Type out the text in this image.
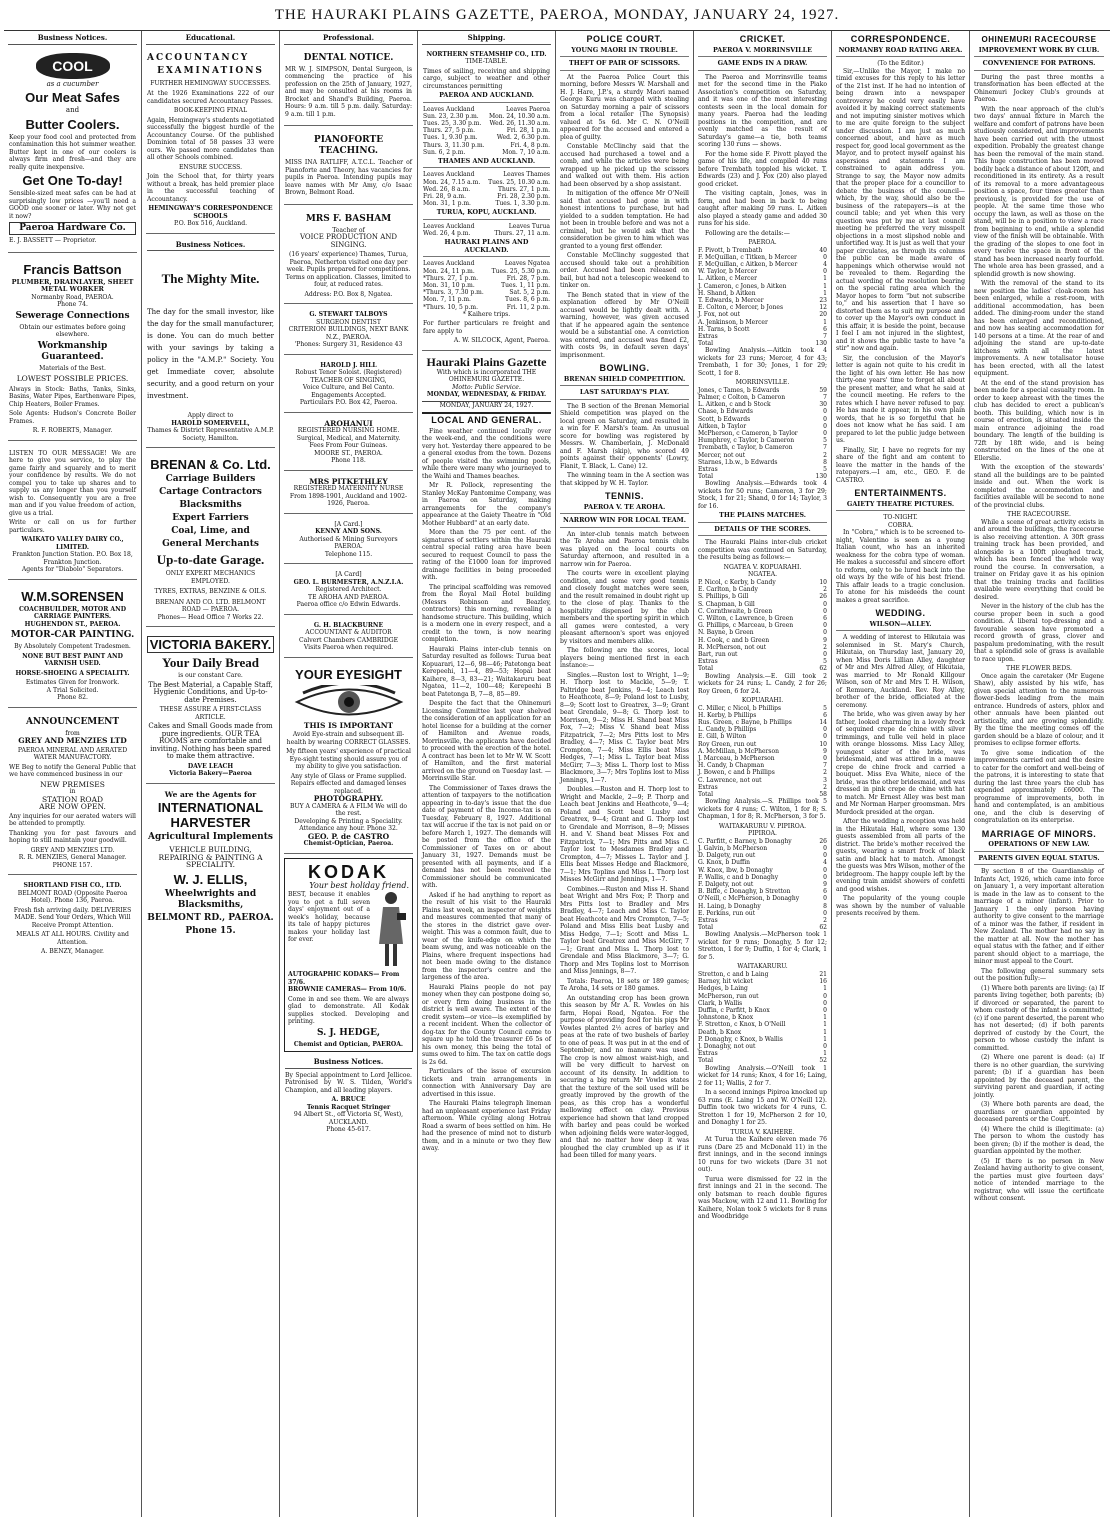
THE HAURAKI PLAINS GAZETTE, PAEROA, MONDAY, JANUARY 24, 1927.
Business Notices.
COOL
as a cucumber
Our Meat Safes
and
Butter Coolers.
Keep your food cool and protected from contamination this hot summer weather. Butter kept in one of our coolers is always firm and fresh—and they are really quite inexpensive.
Get One To-day!
Sensible-sized meat safes can be had at surprisingly low prices —you'll need a GOOD one sooner or later. Why not get it now?
Paeroa Hardware Co.
E. J. BASSETT — Proprietor.
Francis Battson
PLUMBER, DRAINLAYER, SHEET METAL WORKER
Normanby Road, PAEROA.
Phone 74.
Sewerage Connections
Obtain our estimates before going elsewhere.
Workmanship Guaranteed.
Materials of the Best.
LOWEST POSSIBLE PRICES.
Always in Stock: Baths, Tanks, Sinks, Basins, Water Pipes, Earthenware Pipes, Chip Heaters, Boiler Frames.
Sole Agents: Hudson's Concrete Boiler Frames.
R. F. ROBERTS, Manager.
LISTEN TO OUR MESSAGE! We are here to give you service, to play the game fairly and squarely and to merit your confidence by results. We do not compel you to take up shares and to supply us any longer than you yourself wish to. Consequently you are a free man and if you value freedom of action, give us a trial.
Write or call on us for further particulars.
WAIKATO VALLEY DAIRY CO., LIMITED.
Frankton Junction Station. P.O. Box 18, Frankton Junction.
Agents for "Diabolo" Separators.
W.M.SORENSEN
COACHBUILDER, MOTOR AND CARRIAGE PAINTERS. HUGHENDON ST., PAEROA.
MOTOR-CAR PAINTING.
By Absolutely Competent Tradesmen.
NONE BUT BEST PAINT AND VARNISH USED.
HORSE-SHOEING A SPECIALITY.
Estimates Given for Ironwork.
A Trial Solicited.
Phone 82.
ANNOUNCEMENT
from
GREY AND MENZIES LTD
PAEROA MINERAL AND AERATED WATER MANUFACTORY.
WE Beg to notify the General Public that we have commenced business in our
NEW PREMISES
in
STATION ROAD
ARE NOW OPEN.
Any inquiries for our aerated waters will be attended to promptly.
Thanking you for past favours and hoping to still maintain your goodwill.
GREY AND MENZIES LTD.
R. R. MENZIES, General Manager.
PHONE 157.
SHORTLAND FISH CO., LTD.
BELMONT ROAD (Opposite Paeroa Hotel). Phone 136, Paeroa.
Fresh fish arriving daily. DELIVERIES MADE. Send Your Orders, Which Will Receive Prompt Attention.
MEALS AT ALL HOURS. Civility and Attention.
A. BENZY, Manager.
Educational.
ACCOUNTANCY
EXAMINATIONS
FURTHER HEMINGWAY SUCCESSES.
At the 1926 Examinations 222 of our candidates secured Accountancy Passes.
BOOK-KEEPING FINAL
Again, Hemingway's students negotiated successfully the biggest hurdle of the Accountancy Course. Of the published Dominion total of 58 passes 33 were ours. We passed more candidates than all other Schools combined.
ENSURE SUCCESS.
Join the School that, for thirty years without a break, has held premier place in the successful teaching of Accountancy.
HEMINGWAY'S CORRESPONDENCE SCHOOLS
P.O. Box 516, Auckland.
Business Notices.
The Mighty Mite.
The day for the small investor, like the day for the small manufacturer, is done. You can do much better with your savings by taking a policy in the "A.M.P." Society. You get Immediate cover, absolute security, and a good return on your investment.
Apply direct to
HAROLD SOMERVELL,
Thames & District Representative A.M.P. Society, Hamilton.
BRENAN & Co. Ltd.
Carriage Builders
Cartage Contractors
Blacksmiths
Expert Farriers
Coal, Lime, and
General Merchants
Up-to-date Garage.
ONLY EXPERT MECHANICS EMPLOYED.
TYRES, EXTRAS, BENZINE & OILS.
BRENAN AND CO. LTD. BELMONT ROAD — PAEROA.
Phones— Head Office 7 Works 22.
VICTORIA BAKERY.
Your Daily Bread
is our constant Care.
The Best Material, a Capable Staff, Hygienic Conditions, and Up-to-date Premises.
THESE ASSURE A FIRST-CLASS ARTICLE.
Cakes and Small Goods made from pure ingredients. OUR TEA ROOMS are comfortable and inviting. Nothing has been spared to make them attractive.
DAVE LEACH
Victoria Bakery—Paeroa
We are the Agents for
INTERNATIONAL HARVESTER
Agricultural Implements
VEHICLE BUILDING, REPAIRING & PAINTING A SPECIALITY.
W. J. ELLIS,
Wheelwrights and Blacksmiths,
BELMONT RD., PAEROA.
Phone 15.
Professional.
DENTAL NOTICE.
MR W. J. SIMPSON, Dental Surgeon, is commencing the practice of his profession on the 25th of January, 1927, and may be consulted at his rooms in Brocket and Shand's Building, Paeroa. Hours: 9 a.m. till 5 p.m. daily. Saturday: 9 a.m. till 1 p.m.
PIANOFORTE TEACHING.
MISS INA RATLIFF, A.T.C.L. Teacher of Pianoforte and Theory, has vacancies for pupils in Paeroa. Intending pupils may leave names with Mr Amy, c/o Isaac Brown, Belmont Road.
MRS F. BASHAM
Teacher of
VOICE PRODUCTION AND SINGING.
(16 years' experience) Thames, Turua, Paeroa, Netherton visited one day per week. Pupils prepared for competitions. Terms on application. Classes, limited to four, at reduced rates.
Address: P.O. Box 8, Ngatea.
G. STEWART TALBOYS
SURGEON DENTIST
CRITERION BUILDINGS, NEXT BANK N.Z., PAEROA.
'Phones: Surgery 31, Residence 43
HAROLD J. HILL
Robust Tenor Soloist. (Registered)
TEACHER OF SINGING,
Voice Culture, and Bel Canto. Engagements Accepted.
Particulars P.O. Box 42, Paeroa.
AROHANUI
REGISTERED NURSING HOME.
Surgical, Medical, and Maternity.
Fees From Four Guineas.
MOORE ST., PAEROA.
Phone 118.
MRS PITKETHLEY
REGISTERED MATERNITY NURSE
From 1898-1901, Auckland and 1902-1926, Paeroa.
[A Card.]
KENNY AND SONS.
Authorised & Mining Surveyors PAEROA.
Telephone 115.
[A Card]
GEO. L. BURMESTER, A.N.Z.I.A.
Registered Architect.
TE AROHA AND PAEROA.
Paeroa office c/o Edwin Edwards.
G. H. BLACKBURNE
ACCOUNTANT & AUDITOR
Calvert Chambers CAMBRIDGE
Visits Paeroa when required.
YOUR EYESIGHT
THIS IS IMPORTANT
Avoid Eye-strain and subsequent ill-health by wearing CORRECT GLASSES.
My fifteen years' experience of practical Eye-sight testing should assure you of my ability to give you satisfaction.
Any style of Glass or Frame supplied.
Repairs effected and damaged lenses replaced.
PHOTOGRAPHY.
BUY A CAMERA & A FILM We will do the rest.
Developing & Printing a Speciality.
Attendance any hour. Phone 32.
GEO. P. de CASTRO
Chemist-Optician, Paeroa.
KODAK
Your best holiday friend.
BEST, because it enables you to get a full seven days' enjoyment out of a week's holiday, because its tale of happy pictures makes your holiday last for ever.
AUTOGRAPHIC KODAKS— From 37/6.
BROWNIE CAMERAS— From 10/6.
Come in and see them. We are always glad to demonstrate. All Kodak supplies stocked. Developing and printing.
S. J. HEDGE,
Chemist and Optician, PAEROA.
Business Notices.
By Special appointment to Lord Jellicoe. Patronised by W. S. Tilden, World's Champion, and all leading players.
A. BRUCE
Tennis Racquet Stringer
94 Albert St., off Victoria St, West), AUCKLAND.
Phone 45-617.
Shipping.
NORTHERN STEAMSHIP CO., LTD.
TIME-TABLE.
Times of sailing, receiving and shipping cargo, subject to weather and other circumstances permitting
PAEROA AND AUCKLAND.
Leaves Auckland	Leaves Paeroa
Sun. 23, 2.30 p.m. Mon. 24, 10.30 a.m.
Tues. 25, 3.30 p.m. Wed. 26, 11.30 a.m.
Thurs. 27, 5 p.m.	Fri. 28, 1 p.m.
Tues. 1, 9.30 p.m.	Wed. 2, 6.30 p.m.
Thurs. 3, 11.30 p.m.	Fri. 4, 8 p.m.
Sun. 6, 2 p.m.	Mon. 7, 10 a.m.
THAMES AND AUCKLAND.
Leaves Auckland	Leaves Thames
Mon. 24, 7.15 a.m. Tues. 25, 10.30 a.m.
Wed. 26, 8 a.m.	Thurs. 27, 1 p.m.
Fri. 28, 9 a.m.	Fri. 28, 2.30 p.m.
Mon. 31, 1 p.m.	Tues. 1, 3.30 p.m.
TURUA, KOPU, AUCKLAND.
Leaves Auckland	Leaves Turua
Wed. 26, 4 p.m.	Thurs. 27, 11 a.m.
HAURAKI PLAINS AND AUCKLAND.
Leaves Auckland	Leaves Ngatea
Mon. 24, 11 p.m.	Tues. 25, 5.30 p.m.
*Thurs. 27, 1 p.m.	Fri. 28, 7 p.m.
Mon. 31, 10 p.m.	Tues. 1, 11 p.m.
*Thurs. 3, 7.30 p.m.	Sat. 5, 2 p.m.
Mon. 7, 11 p.m.	Tues. 8, 6 p.m.
*Thurs. 10, 5 p.m.	Fri. 11, 2 p.m.
* Kaihere trips.
For further particulars re freight and fare apply to
A. W. SILCOCK, Agent, Paeroa.
Hauraki Plains Gazette
With which is incorporated THE OHINEMURI GAZETTE.
Motto: Public Service.
MONDAY, WEDNESDAY, & FRIDAY.
MONDAY, JANUARY 24, 1927.
LOCAL AND GENERAL.

Fine weather continued locally over the week-end, and the conditions were very hot. Yesterday there appeared to be a general exodus from the town. Dozens of people visited the swimming pools, while there were many who journeyed to the Waihi and Thames beaches.

Mr R. Pollock, representing the Stanley McKay Pantomime Company, was in Paeroa on Saturday, making arrangements for the company's appearance at the Gaiety Theatre in "Old Mother Hubbard" at an early date.

More than the 75 per cent. of the signatures of settlers within the Hauraki central special rating area have been secured to request Council to pass the rating of the £1000 loan for improved drainage facilities in being proceeded with.

The principal scaffolding was removed from the Royal Mail Hotel building (Messrs Robinson and Beazley, contractors) this morning, revealing a handsome structure. This building, which is a modern one in every respect, and a credit to the town, is now nearing completion.

Hauraki Plains inter-club tennis on Saturday resulted as follows: Turua beat Kopuarari, 12—6, 98—46; Patetonga beat Kerepeehi, 11—4, 89—53; Hopai beat Kaihere, 8—3, 83—21; Waitakaruru beat Ngatea, 11—2, 100—48; Kerepeehi B beat Patetonga B, 7—8, 85—89.

Despite the fact that the Ohinemuri Licensing Committee last year shelved the consideration of an application for an hotel license for a building at the corner of Hamilton and Avenue roads, Morrinsville, the applicants have decided to proceed with the erection of the hotel. A contract has been let to Mr W. W. Scott of Hamilton, and the first material arrived on the ground on Tuesday last. —Morrinsville Star.

The Commissioner of Taxes draws the attention of taxpayers to the notification appearing in to-day's issue that the due date of payment of the Income-tax is on Tuesday, February 8, 1927. Additional tax will accrue if the tax is not paid on or before March 1, 1927. The demands will be posted from the office of the Commissioner of Taxes on or about January 31, 1927. Demands must be presented with all payments, and if a demand has not been received the Commissioner should be communicated with.

Asked if he had anything to report as the result of his visit to the Hauraki Plains last week, an inspector of weights and measures commented that many of the stores in the district gave over-weight. This was a common fault, due to wear of the knife-edge on which the beam swung, and was noticeable on the Plains, where frequent inspections had not been made owing to the distance from the inspector's centre and the largeness of the area.

Hauraki Plains people do not pay money when they can postpone doing so, or every firm doing business in the district is well aware. The extent of the credit system—or vice—is exemplified by a recent incident. When the collector of dog-tax for the County Council came to square up he told the treasurer £6 5s of his own money, this being the total of sums owed to him. The tax on cattle dogs is 2s 6d.

Particulars of the issue of excursion tickets and train arrangements in connection with Anniversary Day are advertised in this issue.

The Hauraki Plains telegraph lineman had an unpleasant experience last Friday afternoon. While cycling along Hotrau Road a swarm of bees settled on him. He had the presence of mind not to disturb them, and in a minute or two they flew away.

POLICE COURT.
YOUNG MAORI IN TROUBLE.
THEFT OF PAIR OF SCISSORS.

At the Paeroa Police Court this morning, before Messrs W. Marshall and H. J. Hare, J.P.'s, a sturdy Maori named George Kuru was charged with stealing on Saturday morning a pair of scissors from a local retailer (The Synopsis) valued at 5s 6d. Mr C. N. O'Neill appeared for the accused and entered a plea of guilty.

Constable McClinchy said that the accused had purchased a towel and a comb, and while the articles were being wrapped up he picked up the scissors and walked out with them. His action had been observed by a shop assistant.

In mitigation of the offence Mr O'Neill said that accused had gone in with honest intentions to purchase, but had yielded to a sudden temptation. He had not been in trouble before and was not a criminal, but he would ask that the consideration be given to him which was granted to a young first offender.

Constable McClinchy suggested that accused should take out a prohibition order. Accused had been released on bail, but had not a telescopic weekend to tinker on.

The Bench stated that in view of the explanation offered by Mr O'Neill accused would be lightly dealt with. A warning, however, was given accused that if he appeared again the sentence would be a substantial one. A conviction was entered, and accused was fined £2, with costs 9s, in default seven days' imprisonment.

BOWLING.
BRENAN SHIELD COMPETITION.
LAST SATURDAY'S PLAY.

The B section of the Brenan Memorial Shield competition was played on the local green on Saturday, and resulted in a win for F. Marsh's team. An unusual score for bowling was registered by Messrs. W. Chamberlain, J. McDonald and F. Marsh (skip), who scored 49 points against their opponents' (Lowry, Flanit, T. Black, L. Cane) 12.

The winning team in the A section was that skipped by W. H. Taylor.

TENNIS.
PAEROA V. TE AROHA.
NARROW WIN FOR LOCAL TEAM.

An inter-club tennis match between the Te Aroha and Paeroa tennis clubs was played on the local courts on Saturday afternoon, and resulted in a narrow win for Paeroa.

The courts were in excellent playing condition, and some very good tennis and closely fought matches were seen, and the result remained in doubt right up to the close of play. Thanks to the hospitality dispensed by the club members and the sporting spirit in which all games were contested, a very pleasant afternoon's sport was enjoyed by visitors and members alike.

The following are the scores, local players being mentioned first in each instance:—

Singles.—Ruston lost to Wright, 1—9; H. Thorp lost to Mackle, 5—9; T. Paltridge beat Jenkins, 9—4; Leach lost to Heathcote, 8—9; Poland lost to Lusby, 8—9; Scott lost to Greatrex, 3—9; Grant beat Grendale, 9—8; G. Thorp lost to Morrison, 9—2; Miss H. Shand beat Miss Fox, 7—2; Miss V. Shand beat Miss Fitzpatrick, 7—2; Mrs Pitts lost to Mrs Bradley, 4—7; Miss C. Taylor beat Mrs Crompton, 7—4; Miss Ellis beat Miss Hedges, 7—1; Miss L. Taylor beat Miss McGirr, 7—3; Miss L. Thorp lost to Miss Blackmore, 3—7; Mrs Toplins lost to Miss Jennings, 1—7.

Doubles.—Ruston and H. Thorp lost to Wright and Mackle, 2—9; P. Thorp and Leach beat Jenkins and Heathcote, 9—4; Poland and Scott beat Lusby and Greatrex, 9—4; Grant and G. Thorp lost to Grendale and Morrison, 8—9; Misses H. and V. Shand beat Misses Fox and Fitzpatrick, 7—1; Mrs Pitts and Miss C. Taylor lost to Mesdames Bradley and Crompton, 4—7; Misses L. Taylor and J. Ellis beat Misses Hedge and Blackmore, 7—1; Mrs Toplins and Miss L. Thorp lost Misses McGirr and Jennings, 1—7.

Combines.—Ruston and Miss H. Shand beat Wright and Mrs Fox; P. Thorp and Mrs Pitts lost to Bradley and Mrs Bradley, 4—7; Leach and Miss C. Taylor beat Heathcote and Mrs Crompton, 7—5; Poland and Miss Ellis beat Lusby and Miss Hedge, 7—1; Scott and Miss L. Taylor beat Greatrex and Miss McGirr, 7—1; Grant and Miss L. Thorp lost to Grendale and Miss Blackmore, 3—7; G. Thorp and Mrs Toplins lost to Morrison and Miss Jennings, 8—7.

Totals: Paeroa, 18 sets or 189 games; Te Aroha, 14 sets or 180 games.

An outstanding crop has been grown this season by Mr A. R. Vowles on his farm, Hopai Road, Ngatea. For the purpose of providing food for his pigs Mr Vowles planted 2½ acres of barley and peas at the rate of two bushels of barley to one of peas. It was put in at the end of September, and no manure was used. The crop is now almost waist-high, and will be very difficult to harvest on account of its density. In addition to securing a big return Mr Vowles states that the texture of the soil used will be greatly improved by the growth of the peas, as this crop has a wonderful mellowing effect on clay. Previous experience had shown that land cropped with barley and peas could be worked when adjoining fields were water-logged, and that no matter how deep it was ploughed the clay crumbled up as if it had been tilled for many years.

CRICKET.
PAEROA V. MORRINSVILLE
GAME ENDS IN A DRAW.

The Paeroa and Morrinsville teams met for the second time in the Piako Association's competition on Saturday, and it was one of the most interesting contests seen in the local domain for many years. Paeroa had the leading positions in the competition, and are evenly matched as the result of Saturday's game—a tie, both teams scoring 130 runs — shows.

For the home side F. Pivott played the game of his life, and compiled 40 runs before Trembath toppled his wicket. T. Edwards (23) and J. Fox (20) also played good cricket.

The visiting captain, Jones, was in form, and had been in back to being caught after making 59 runs. L. Aitken also played a steady game and added 30 runs for his side.

Following are the details:—

PAEROA.
F. Pivott, b Trembath	40
F. McQuillan, c Titken, b Mercer	0
F. McQuillan, c Aitken, b Mercer	4
W. Taylor, b Mercer	0
L. Aitken, c Mercer	1
J. Cameron, c Jones, b Aitken	1
H. Shand, b Aitken	1
T. Edwards, b Mercer	23
E. Colton, c Mercer, b Jones	12
J. Fox, not out	20
A. Jenkinson, b Mercer	1
H. Tarns, b Scott	6
Extras	7
Total	130

Bowling Analysis.—Aitkin took 4 wickets for 23 runs; Mercer, 4 for 43; Trembath, 1 for 30; Jones, 1 for 29; Scott, 1 for 8.

MORRINSVILLE.
Jones, c Tames, b Edwards	59
Palmer, c Colton, b Cameron	7
L. Aitken, c and b Stock	30
Chase, b Edwards	0
Scott, b Edwards	0
Aitken, b Taylor	0
McPherson, c Cameron, b Taylor	0
Humphrey, c Taylor, b Cameron	5
Trembath, c Taylor, b Cameron	7
Mercer, not out	2
Starnes, l.b.w., b Edwards	8
Extras	5
Total	130

Bowling Analysis.—Edwards took 4 wickets for 50 runs; Cameron, 3 for 29; Stock, 1 for 21; Shand, 0 for 14; Taylor, 3 for 16.

THE PLAINS MATCHES.
DETAILS OF THE SCORES.

The Hauraki Plains inter-club cricket competition was continued on Saturday, the results being as follows:—

NGATEA V. KOPUARAHI.
NGATEA.
P. Nicol, c Kerby, b Candy	10
E. Carlton, b Candy	2
S. Phillips, b Gill	26
S. Chapman, b Gill	0
C. Cornthwaite, b Green	0
C. Wilton, c Lawrence, b Green	6
G. Phillips, c Marceau, b Green	0
N. Bayne, b Green	0
H. Cook, c and b Green	9
R. McPherson, not out	2
Bart, run out	0
Extras	5
Total	62

Bowling Analysis.—E. Gill took 2 wickets for 24 runs; L. Candy, 2 for 26; Roy Green, 6 for 24.

KOPUARAHI.
C. Miller, c Nicol, b Phillips	5
H. Kerby, b Phillips	6
Rus. Green, c Bayne, b Phillips	14
L. Candy, b Phillips	0
E. Gill, b Wilton	0
Roy Green, run out	10
A. McMillan, b McPherson	9
J. Marceau, b McPherson	0
H. Candy, b Chapman	7
J. Bowen, c and b Phillips	2
C. Lawrence, not out	3
Extras	2
Total	58

Bowling Analysis.—S. Phillips took 5 wickets for 4 runs; C. Wilton, 1 for 8; S. Chapman, 1 for 8; R. McPherson, 3 for 5.

WAITAKARURU V. PIPIROA.
PIPIROA.
C. Parfitt, c Barney, b Donaghy	26
J. Galvin, b McPherson	0
D. Dalgety, run out	0
G. Knox, b Duffin	4
W. Knox, lbw, b Donaghy	0
F. Wallis, c and b Donaghy	0
F. Dalgety, not out	9
B. Biffe, c Donaghy, b Stretton	6
O'Neill, c McPherson, b Donaghy	0
H. Laing, b Donaghy	8
E. Perkins, run out	0
Extras	2
Total	62

Bowling Analysis.—McPherson took 1 wicket for 9 runs; Donaghy, 5 for 12; Stretton, 1 for 9; Duffin, 1 for 4; Clark, 1 for 5.

WAITAKARURU.
Stretton, c and b Laing	21
Barney, hit wicket	16
Hedges, b Laing	1
McPherson, run out	0
Clark, b Wallis	0
Duffin, c Parfitt, b Knox	0
Johnstone, b Knox	1
F. Stretton, c Knox, b O'Neill	1
Death, b Knox	1
P. Donaghy, c Knox, b Wallis	1
J. Donaghy, not out	0
Extras	1
Total	52

Bowling Analysis.—O'Neill took 1 wicket for 14 runs; Knox, 4 for 16; Laing, 2 for 11; Wallis, 2 for 7.

In a second innings Pipiroa knocked up 63 runs (E. Laing 15 and W. O'Neill 12). Duffin took two wickets for 4 runs, C. Stretton 1 for 19, McPherson 2 for 10, and Donaghy 1 for 25.

TURUA V. KAIHERE.

At Turua the Kaihere eleven made 76 runs (Dare 25 and McDonald 11) in the first innings, and in the second innings 10 runs for two wickets (Dare 31 not out).

Turua were dismissed for 22 in the first innings and 21 in the second. The only batsman to reach double figures was Mackow, with 12 and 11. Bowling for Kaihere, Nolan took 5 wickets for 8 runs and Woodbridge

CORRESPONDENCE.
NORMANBY ROAD RATING AREA.
(To the Editor.)

Sir,—Unlike the Mayor, I make no timid excuses for this reply to his letter of the 21st inst. If he had no intention of being drawn into a newspaper controversy he could very easily have avoided it by making correct statements and not imputing sinister motives which to me are quite foreign to the subject under discussion. I am just as much concerned about, and have as much respect for, good local government as the Mayor, and to protect myself against his aspersions and statements I am constrained to again address you. Strange to say, the Mayor now admits that the proper place for a councillor to debate the business of the council—which, by the way, should also be the business of the ratepayers—is at the council table; and yet when this very question was put by me at last council meeting he preferred the very misspelt objections in a most slipshod noble and unfortified way. It is just as well that your paper circulates, as through its columns the public can be made aware of happenings which otherwise would not be revealed to them. Regarding the actual wording of the resolution bearing on the special rating area which the Mayor hopes to form "but not subscribe to," and his assertion that I have so distorted them as to suit my purpose and to cover up the Mayor's own conduct in this affair, it is beside the point, because I feel I am not injured in the slightest, and it shows the public taste to have "a stir" now and again.

Sir, the conclusion of the Mayor's letter is again not quite to his credit in the light of his own letter. He has now thirty-one years' time to forget all about the present matter, and what he said at the council meeting. He refers to the rates which I have never refused to pay. He has made it appear, in his own plain words, that he is so forgetful that he does not know what he has said. I am prepared to let the public judge between us.

Finally, Sir, I have no regrets for my share of the fight and am content to leave the matter in the hands of the ratepayers.—I am, etc., GEO. F. de CASTRO.

ENTERTAINMENTS.
GAIETY THEATRE PICTURES.
TO-NIGHT.
COBRA.

In "Cobra," which is to be screened to-night, Valentino is seen as a young Italian count, who has an inherited weakness for the cobra type of woman. He makes a successful and sincere effort to reform, only to be lured back into the old ways by the wife of his best friend. This affair leads to a tragic conclusion. To atone for his misdeeds the count makes a great sacrifice.

WEDDING.
WILSON—ALLEY.

A wedding of interest to Hikutaia was solemnised in St. Mary's Church, Hikutaia, on Thursday last, January 20, when Miss Doris Lillian Alley, daughter of Mr and Mrs Alfred Alley, of Hikutaia, was married to Mr Ronald Killgour Wilson, son of Mr and Mrs T. H. Wilson, of Remuera, Auckland. Rev. Roy Alley, brother of the bride, officiated at the ceremony.

The bride, who was given away by her father, looked charming in a lovely frock of sequined crepe de chine with silver trimmings, and tulle veil held in place with orange blossoms. Miss Lacy Alley, youngest sister of the bride, was bridesmaid, and was attired in a mauve crepe de chine frock and carried a bouquet. Miss Eva White, niece of the bride, was the other bridesmaid, and was dressed in pink crepe de chine with hat to match. Mr Ernest Alley was best man and Mr Norman Harper groomsman. Mrs Murdock presided at the organ.

After the wedding a reception was held in the Hikutaia Hall, where some 130 guests assembled from all parts of the district. The bride's mother received the guests, wearing a smart frock of black satin and black hat to match. Amongst the guests was Mrs Wilson, mother of the bridegroom. The happy couple left by the evening train amidst showers of confetti and good wishes.

The popularity of the young couple was shown by the number of valuable presents received by them.

OHINEMURI RACECOURSE
IMPROVEMENT WORK BY CLUB.
CONVENIENCE FOR PATRONS.

During the past three months a transformation has been effected at the Ohinemuri Jockey Club's grounds at Paeroa.

With the near approach of the club's two days' annual fixture in March the welfare and comfort of patrons have been studiously considered, and improvements have been carried out with the utmost expedition. Probably the greatest change has been the removal of the main stand. This huge construction has been moved bodily back a distance of about 120ft, and reconditioned in its entirety. As a result of its removal to a more advantageous position a space, four times greater than previously, is provided for the use of people. At the same time those who occupy the lawn, as well as those on the stand, will be in a position to view a race from beginning to end, while a splendid view of the finish will be obtainable. With the grading of the slopes to one foot in every twelve the space in front of the stand has been increased nearly fourfold. The whole area has been grassed, and a splendid growth is now showing.

With the removal of the stand to its new position the ladies' cloak-room has been enlarged, while a rest-room, with additional accommodation, has been added. The dining-room under the stand has been enlarged and reconditioned, and now has seating accommodation for 140 persons at a time. At the rear of and adjoining the stand are up-to-date kitchens with all the latest improvements. A new totalisator house has been erected, with all the latest equipment.

At the end of the stand provision has been made for a special casualty room. In order to keep abreast with the times the club has decided to erect a publican's booth. This building, which now is in course of erection, is situated inside the main entrance adjoining the road boundary. The length of the building is 72ft by 18ft wide, and is being constructed on the lines of the one at Ellerslie.

With the exception of the stewards' stand all the buildings are to be painted inside and out. When the work is completed the accommodation and facilities available will be second to none of the provincial clubs.

THE RACECOURSE.

While a scene of great activity exists in and around the buildings, the racecourse is also receiving attention. A 30ft grass training track has been provided, and alongside is a 100ft ploughed track, which has been fenced the whole way round the course. In conversation, a trainer on Friday gave it as his opinion that the training tracks and facilities available were everything that could be desired.

Never in the history of the club has the course proper been in such a good condition. A liberal top-dressing and a favourable season have promoted a record growth of grass, clover and paspalum predominating, with the result that a splendid sole of grass is available to race upon.

THE FLOWER BEDS.

Once again the caretaker (Mr Eugene Shaw), ably assisted by his wife, has given special attention to the numerous flower-beds leading from the main entrance. Hundreds of asters, phlox and other annuals have been planted out artistically, and are growing splendidly. By the time the meeting comes off the garden should be a blaze of colour, and it promises to eclipse former efforts.

To give some indication of the improvements carried out and the desire to cater for the comfort and well-being of the patrons, it is interesting to state that during the last three years the club has expended approximately £6000. The programme of improvements, both in hand and contemplated, is an ambitious one, and the club is deserving of congratulation on its enterprise.

MARRIAGE OF MINORS.
OPERATIONS OF NEW LAW.
PARENTS GIVEN EQUAL STATUS.

By section 8 of the Guardianship of Infants Act, 1926, which came into force on January 1, a very important alteration is made in the law as to consent to the marriage of a minor (infant). Prior to January 1 the only person having authority to give consent to the marriage of a minor was the father, if resident in New Zealand. The mother had no say in the matter at all. Now the mother has equal status with the father, and if either parent should object to a marriage, the minor must appeal to the Court.

The following general summary sets out the position fully:—

(1) Where both parents are living: (a) If parents living together, both parents; (b) if divorced or separated, the parent to whom custody of the infant is committed; (c) if one parent deserted, the parent who has not deserted; (d) if both parents deprived of custody by the Court, the person to whose custody the infant is committed.

(2) Where one parent is dead: (a) If there is no other guardian, the surviving parent; (b) if a guardian has been appointed by the deceased parent, the surviving parent and guardian, if acting jointly.

(3) Where both parents are dead, the guardians or guardian appointed by deceased parents or the Court.

(4) Where the child is illegitimate: (a) The person to whom the custody has been given; (b) if the mother is dead, the guardian appointed by the mother.

(5) If there is no person in New Zealand having authority to give consent, the parties must give fourteen days' notice of intended marriage to the registrar, who will issue the certificate without consent.
